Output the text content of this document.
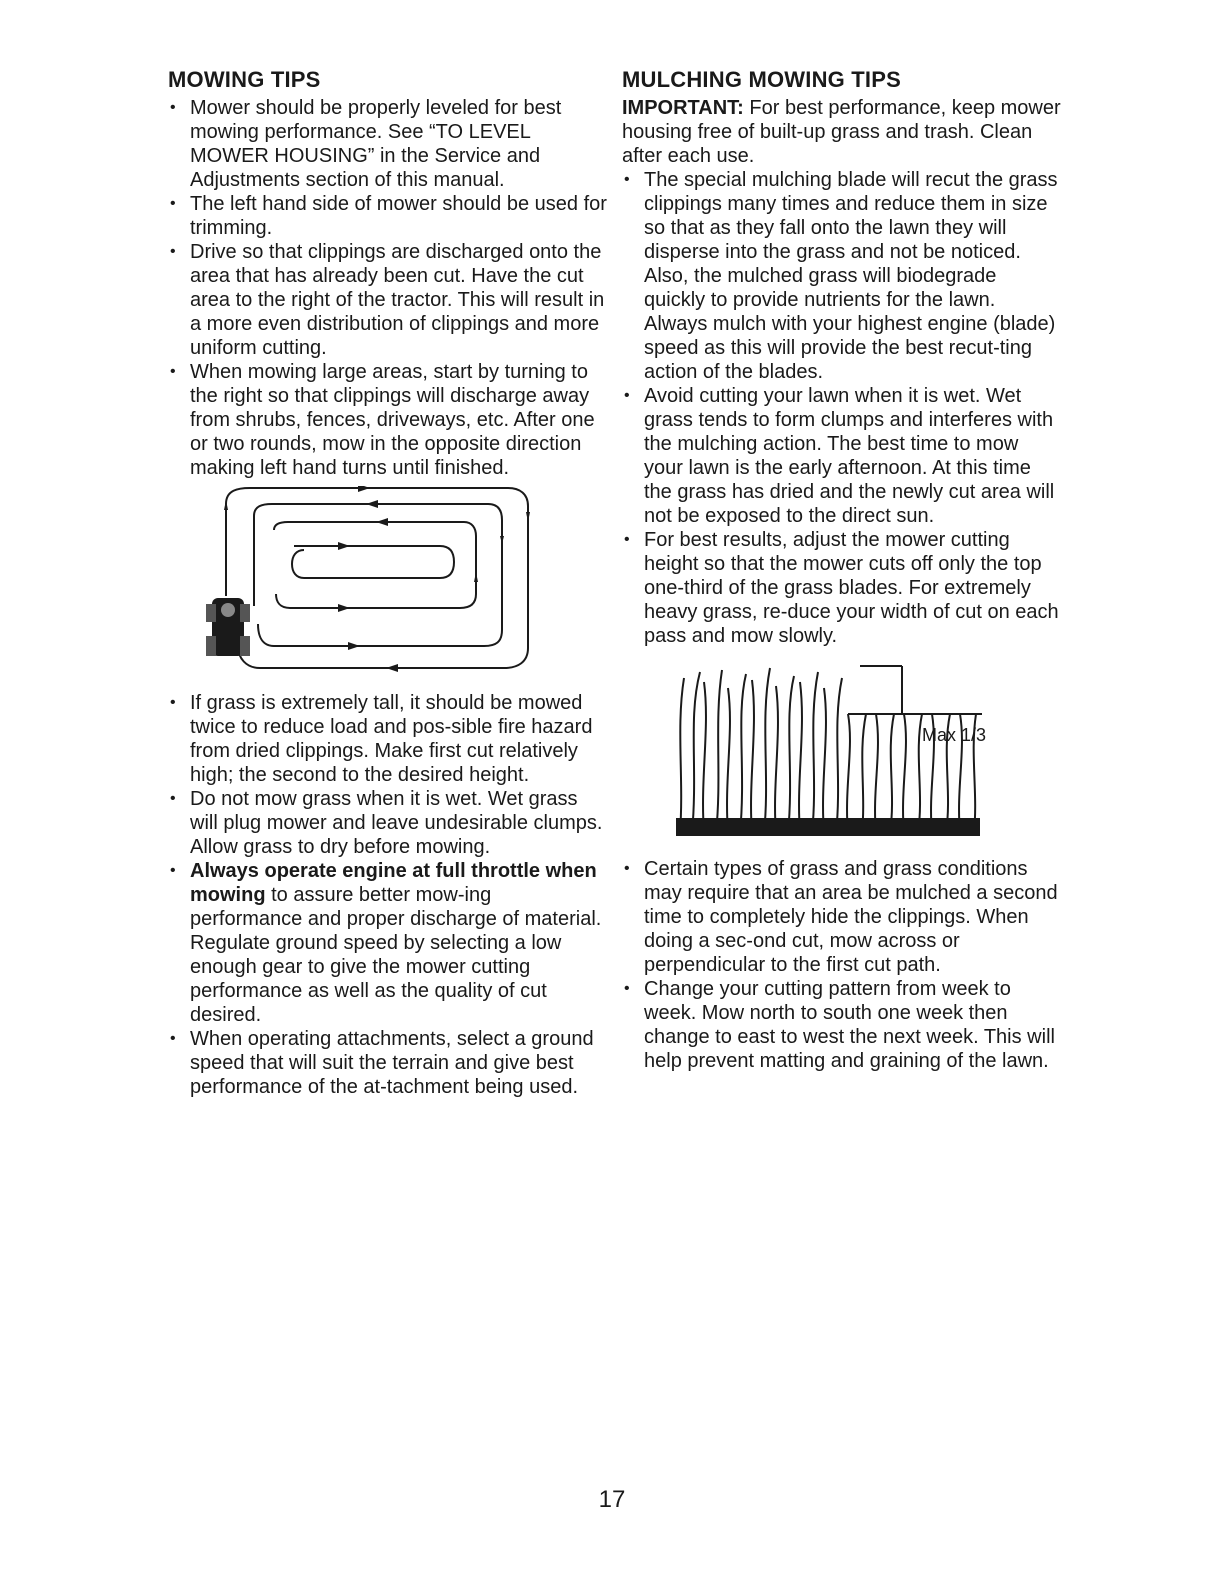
MOWING TIPS
• Mower should be properly leveled for best mowing performance. See “TO LEVEL MOWER HOUSING” in the Service and Adjustments section of this manual.
• The left hand side of mower should be used for trimming.
• Drive so that clippings are discharged onto the area that has already been cut. Have the cut area to the right of the tractor. This will result in a more even distribution of clippings and more uniform cutting.
• When mowing large areas, start by turning to the right so that clippings will discharge away from shrubs, fences, driveways, etc. After one or two rounds, mow in the opposite direction making left hand turns until finished.
• If grass is extremely tall, it should be mowed twice to reduce load and pos-sible fire hazard from dried clippings. Make first cut relatively high; the second to the desired height.
• Do not mow grass when it is wet. Wet grass will plug mower and leave undesirable clumps. Allow grass to dry before mowing.
• Always operate engine at full throttle when mowing to assure better mow-ing performance and proper discharge of material. Regulate ground speed by selecting a low enough gear to give the mower cutting performance as well as the quality of cut desired.
• When operating attachments, select a ground speed that will suit the terrain and give best performance of the at-tachment being used.
MULCHING MOWING TIPS

IMPORTANT: For best performance, keep mower housing free of built-up grass and trash. Clean after each use.

• The special mulching blade will recut the grass clippings many times and reduce them in size so that as they fall onto the lawn they will disperse into the grass and not be noticed. Also, the mulched grass will biodegrade quickly to provide nutrients for the lawn. Always mulch with your highest engine (blade) speed as this will provide the best recut-ting action of the blades.
• Avoid cutting your lawn when it is wet. Wet grass tends to form clumps and interferes with the mulching action. The best time to mow your lawn is the early afternoon. At this time the grass has dried and the newly cut area will not be exposed to the direct sun.
• For best results, adjust the mower cutting height so that the mower cuts off only the top one-third of the grass blades. For extremely heavy grass, re-duce your width of cut on each pass and mow slowly.
Max 1/3
• Certain types of grass and grass conditions may require that an area be mulched a second time to completely hide the clippings. When doing a sec-ond cut, mow across or perpendicular to the first cut path.
• Change your cutting pattern from week to week. Mow north to south one week then change to east to west the next week. This will help prevent matting and graining of the lawn.
17
